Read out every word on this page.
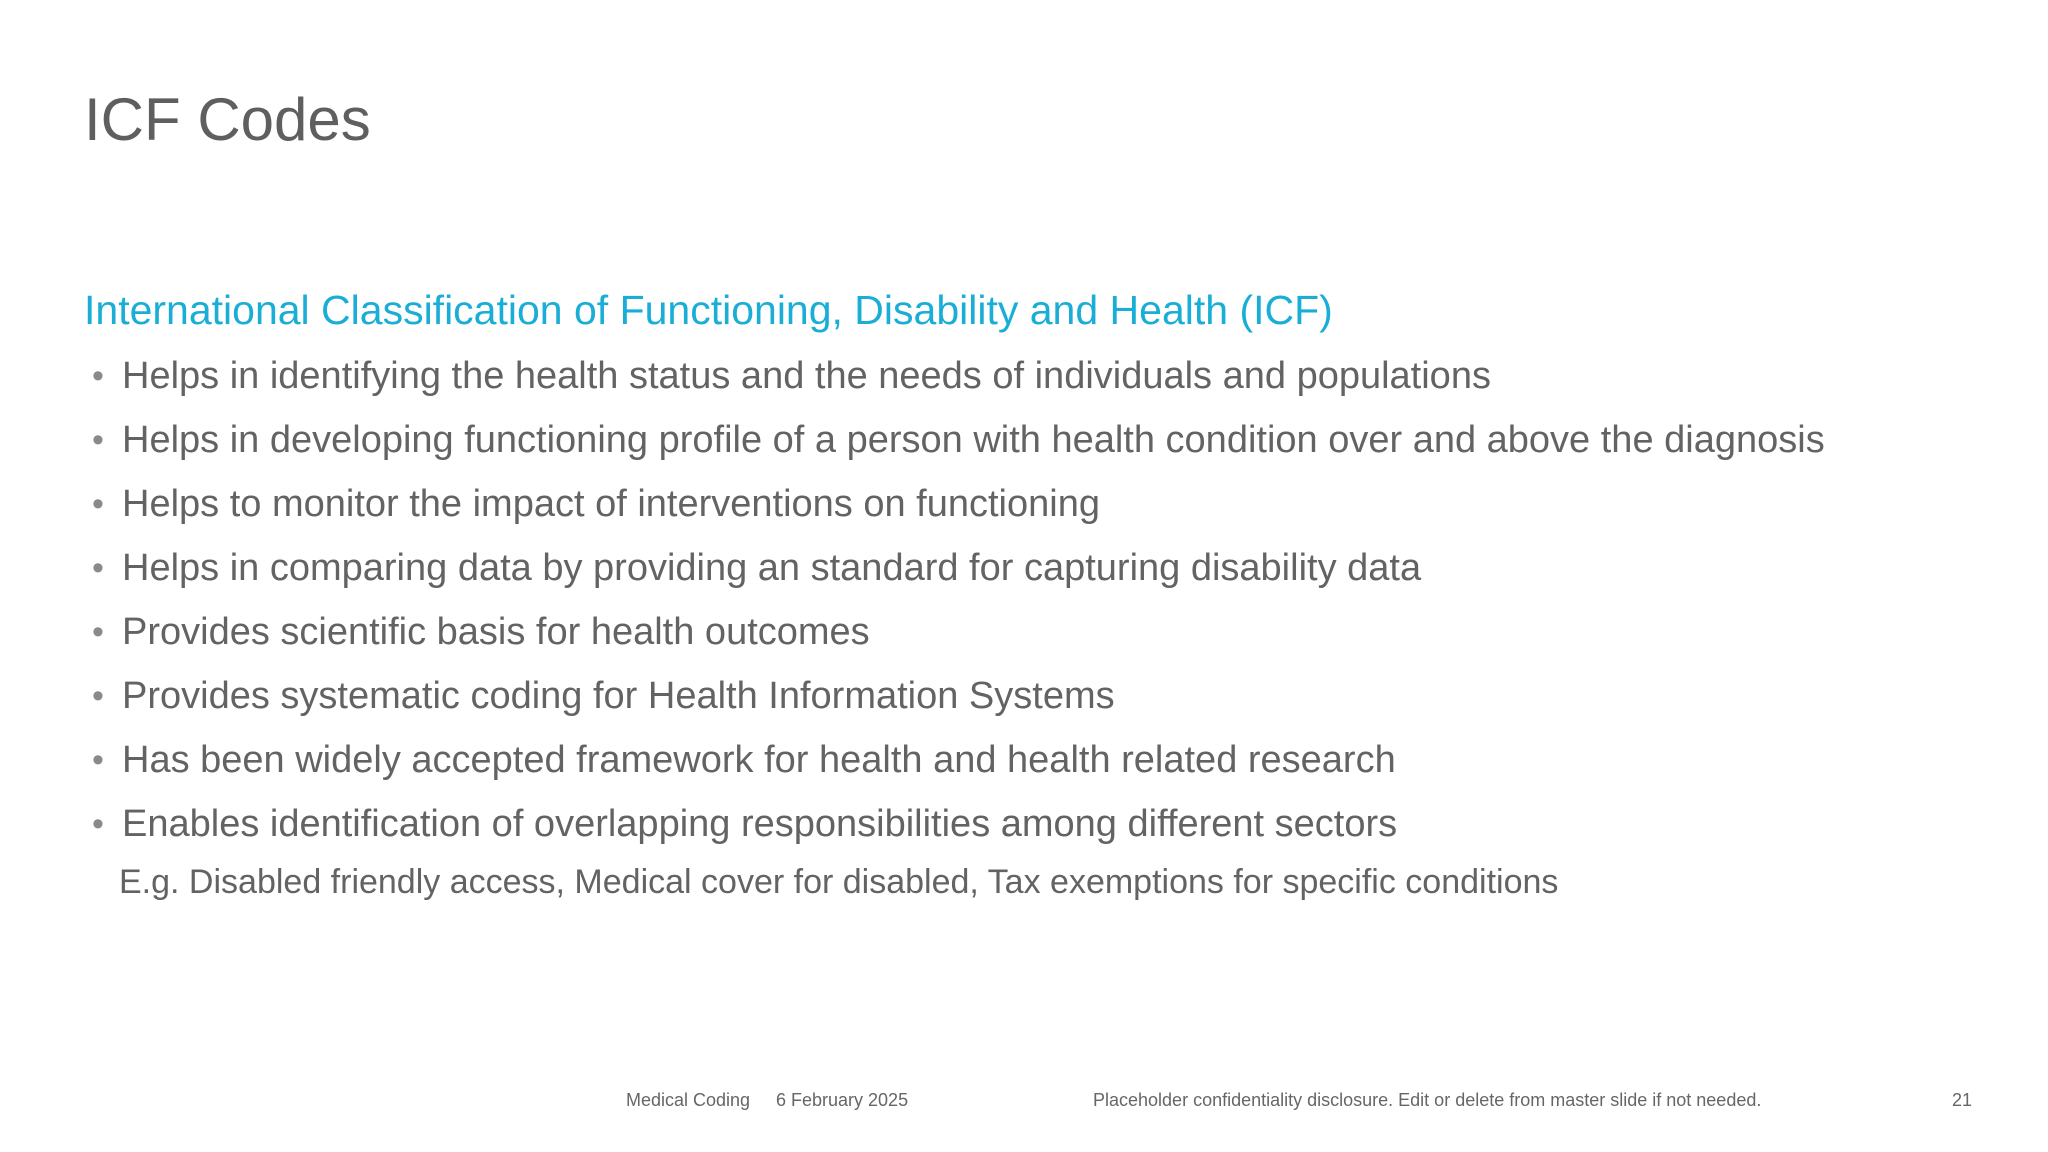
ICF Codes
International Classification of Functioning, Disability and Health (ICF)
• Helps in identifying the health status and the needs of individuals and populations
• Helps in developing functioning profile of a person with health condition over and above the diagnosis
• Helps to monitor the impact of interventions on functioning
• Helps in comparing data by providing an standard for capturing disability data
• Provides scientific basis for health outcomes
• Provides systematic coding for Health Information Systems
• Has been widely accepted framework for health and health related research
• Enables identification of overlapping responsibilities among different sectors
E.g. Disabled friendly access, Medical cover for disabled, Tax exemptions for specific conditions
Medical Coding 6 February 2025	Placeholder confidentiality disclosure. Edit or delete from master slide if not needed.	21
